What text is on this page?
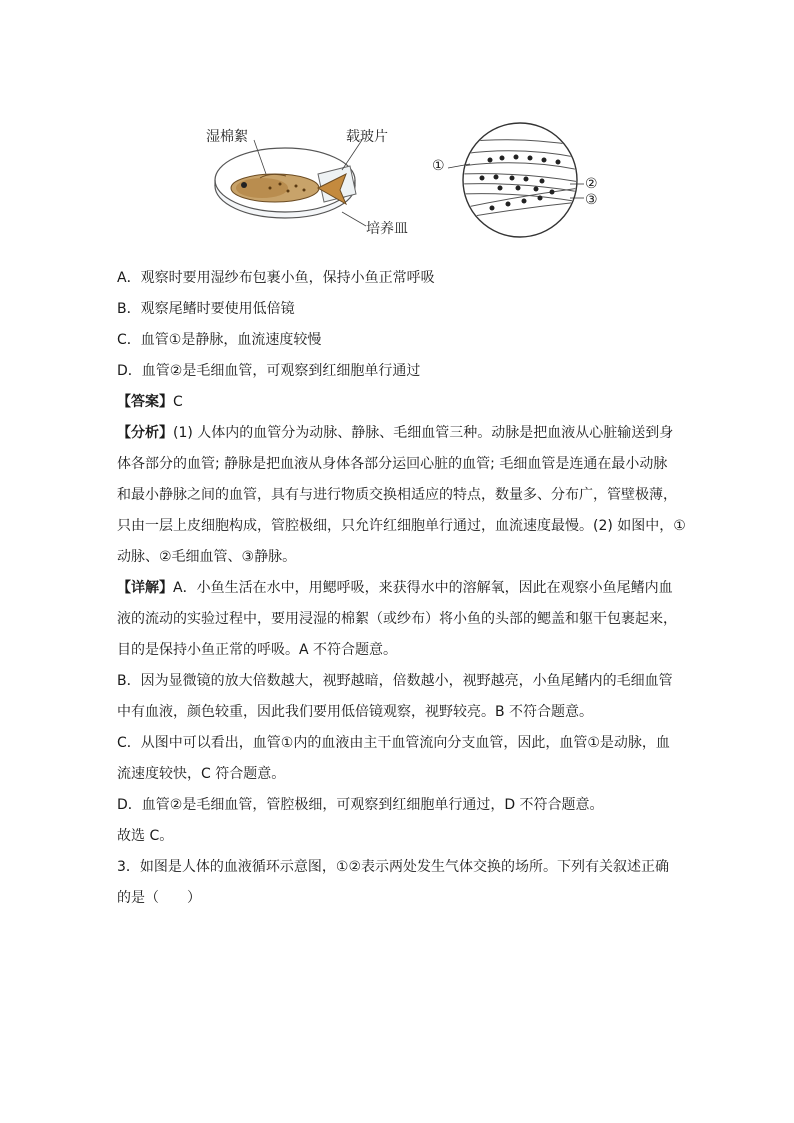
湿棉絮	载玻片
培养皿
①
②
③
A．观察时要用湿纱布包裹小鱼，保持小鱼正常呼吸
B．观察尾鳍时要使用低倍镜
C．血管①是静脉，血流速度较慢
D．血管②是毛细血管，可观察到红细胞单行通过
【答案】C
【分析】(1) 人体内的血管分为动脉、静脉、毛细血管三种。动脉是把血液从心脏输送到身
体各部分的血管; 静脉是把血液从身体各部分运回心脏的血管; 毛细血管是连通在最小动脉
和最小静脉之间的血管，具有与进行物质交换相适应的特点，数量多、分布广，管壁极薄，
只由一层上皮细胞构成，管腔极细，只允许红细胞单行通过，血流速度最慢。(2) 如图中，①
动脉、②毛细血管、③静脉。
【详解】A．小鱼生活在水中，用鳃呼吸，来获得水中的溶解氧，因此在观察小鱼尾鳍内血
液的流动的实验过程中，要用浸湿的棉絮（或纱布）将小鱼的头部的鳃盖和躯干包裹起来，
目的是保持小鱼正常的呼吸。A 不符合题意。
B．因为显微镜的放大倍数越大，视野越暗，倍数越小，视野越亮，小鱼尾鳍内的毛细血管
中有血液，颜色较重，因此我们要用低倍镜观察，视野较亮。B 不符合题意。
C．从图中可以看出，血管①内的血液由主干血管流向分支血管，因此，血管①是动脉，血
流速度较快，C 符合题意。
D．血管②是毛细血管，管腔极细，可观察到红细胞单行通过，D 不符合题意。
故选 C。
3．如图是人体的血液循环示意图，①②表示两处发生气体交换的场所。下列有关叙述正确
的是（　　）
